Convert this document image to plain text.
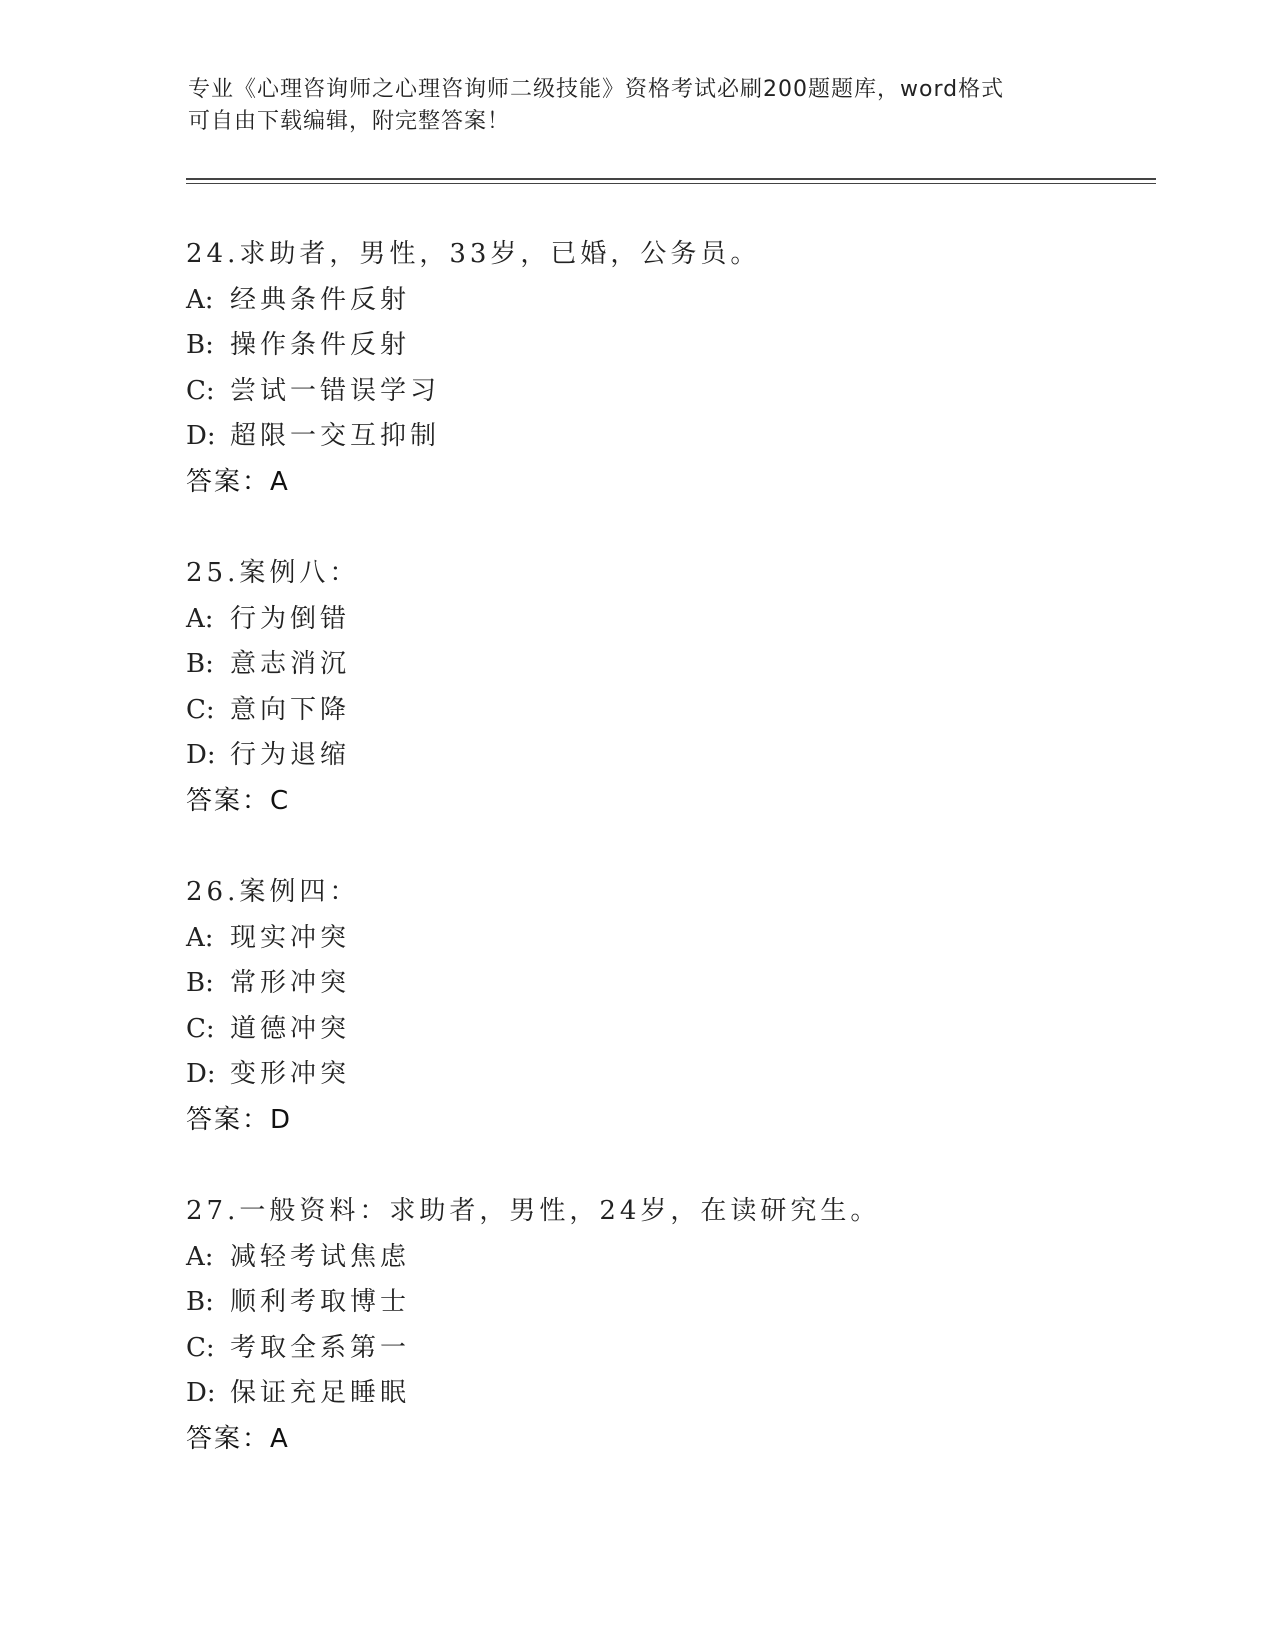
专业《心理咨询师之心理咨询师二级技能》资格考试必刷200题题库，word格式
可自由下载编辑，附完整答案！
24.求助者，男性，33岁，已婚，公务员。
A: 经典条件反射
B: 操作条件反射
C: 尝试一错误学习
D: 超限一交互抑制
答案：A
25.案例八：
A: 行为倒错
B: 意志消沉
C: 意向下降
D: 行为退缩
答案：C
26.案例四：
A: 现实冲突
B: 常形冲突
C: 道德冲突
D: 变形冲突
答案：D
27.一般资料：求助者，男性，24岁，在读研究生。
A: 减轻考试焦虑
B: 顺利考取博士
C: 考取全系第一
D: 保证充足睡眠
答案：A
